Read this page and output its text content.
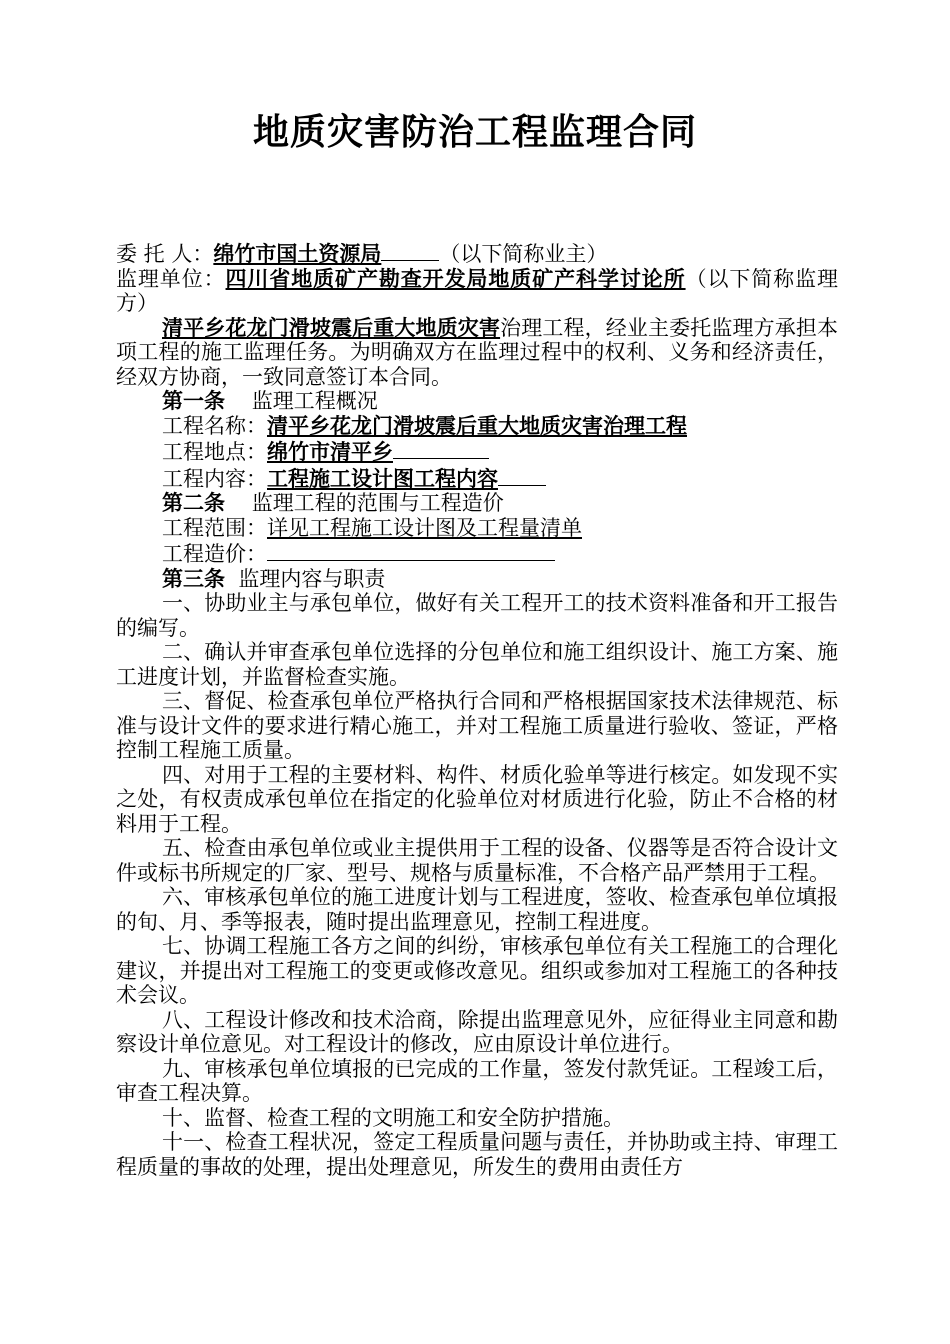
地质灾害防治工程监理合同

委 托 人：绵竹市国土资源局	（以下简称业主）

监理单位：四川省地质矿产勘查开发局地质矿产科学讨论所（以下简称监理方）

清平乡花龙门滑坡震后重大地质灾害治理工程，经业主委托监理方承担本项工程的施工监理任务。为明确双方在监理过程中的权利、义务和经济责任，经双方协商，一致同意签订本合同。

第一条 监理工程概况

工程名称：清平乡花龙门滑坡震后重大地质灾害治理工程

工程地点：绵竹市清平乡

工程内容：工程施工设计图工程内容

第二条 监理工程的范围与工程造价

工程范围：详见工程施工设计图及工程量清单

工程造价：

第三条 监理内容与职责

一、协助业主与承包单位，做好有关工程开工的技术资料准备和开工报告的编写。

二、确认并审查承包单位选择的分包单位和施工组织设计、施工方案、施工进度计划，并监督检查实施。

三、督促、检查承包单位严格执行合同和严格根据国家技术法律规范、标准与设计文件的要求进行精心施工，并对工程施工质量进行验收、签证，严格控制工程施工质量。

四、对用于工程的主要材料、构件、材质化验单等进行核定。如发现不实之处，有权责成承包单位在指定的化验单位对材质进行化验，防止不合格的材料用于工程。

五、检查由承包单位或业主提供用于工程的设备、仪器等是否符合设计文件或标书所规定的厂家、型号、规格与质量标准，不合格产品严禁用于工程。

六、审核承包单位的施工进度计划与工程进度，签收、检查承包单位填报的旬、月、季等报表，随时提出监理意见，控制工程进度。

七、协调工程施工各方之间的纠纷，审核承包单位有关工程施工的合理化建议，并提出对工程施工的变更或修改意见。组织或参加对工程施工的各种技术会议。

八、工程设计修改和技术洽商，除提出监理意见外，应征得业主同意和勘察设计单位意见。对工程设计的修改，应由原设计单位进行。

九、审核承包单位填报的已完成的工作量，签发付款凭证。工程竣工后，审查工程决算。

十、监督、检查工程的文明施工和安全防护措施。

十一、检查工程状况，签定工程质量问题与责任，并协助或主持、审理工程质量的事故的处理，提出处理意见，所发生的费用由责任方
